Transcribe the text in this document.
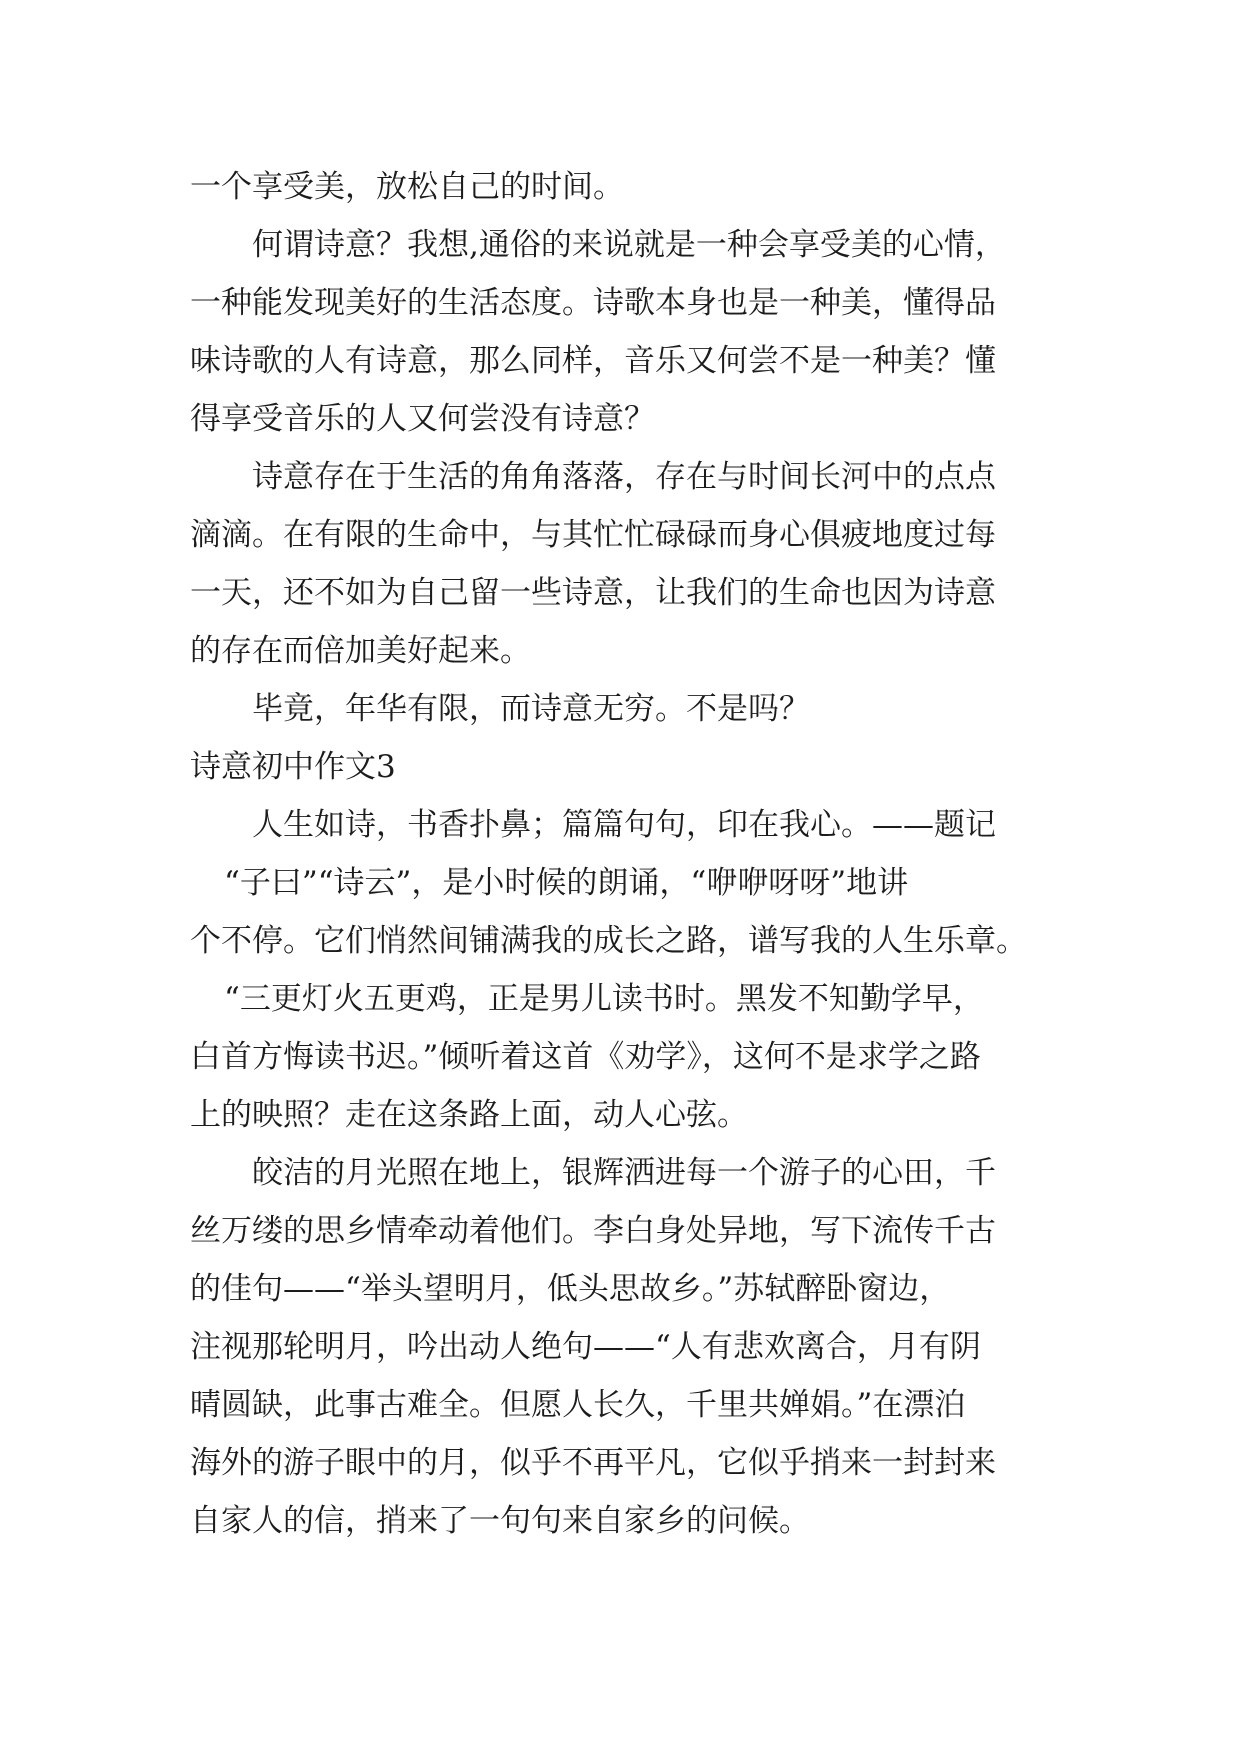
一个享受美，放松自己的时间。
何谓诗意？我想,通俗的来说就是一种会享受美的心情，
一种能发现美好的生活态度。诗歌本身也是一种美，懂得品
味诗歌的人有诗意，那么同样，音乐又何尝不是一种美？懂
得享受音乐的人又何尝没有诗意？
诗意存在于生活的角角落落，存在与时间长河中的点点
滴滴。在有限的生命中，与其忙忙碌碌而身心俱疲地度过每
一天，还不如为自己留一些诗意，让我们的生命也因为诗意
的存在而倍加美好起来。
毕竟，年华有限，而诗意无穷。不是吗？
诗意初中作文3
人生如诗，书香扑鼻；篇篇句句，印在我心。——题记
“子曰”“诗云”，是小时候的朗诵，“咿咿呀呀”地讲
个不停。它们悄然间铺满我的成长之路，谱写我的人生乐章。
“三更灯火五更鸡，正是男儿读书时。黑发不知勤学早，
白首方悔读书迟。”倾听着这首《劝学》，这何不是求学之路
上的映照？走在这条路上面，动人心弦。
皎洁的月光照在地上，银辉洒进每一个游子的心田，千
丝万缕的思乡情牵动着他们。李白身处异地，写下流传千古
的佳句——“举头望明月，低头思故乡。”苏轼醉卧窗边，
注视那轮明月，吟出动人绝句——“人有悲欢离合，月有阴
晴圆缺，此事古难全。但愿人长久，千里共婵娟。”在漂泊
海外的游子眼中的月，似乎不再平凡，它似乎捎来一封封来
自家人的信，捎来了一句句来自家乡的问候。
